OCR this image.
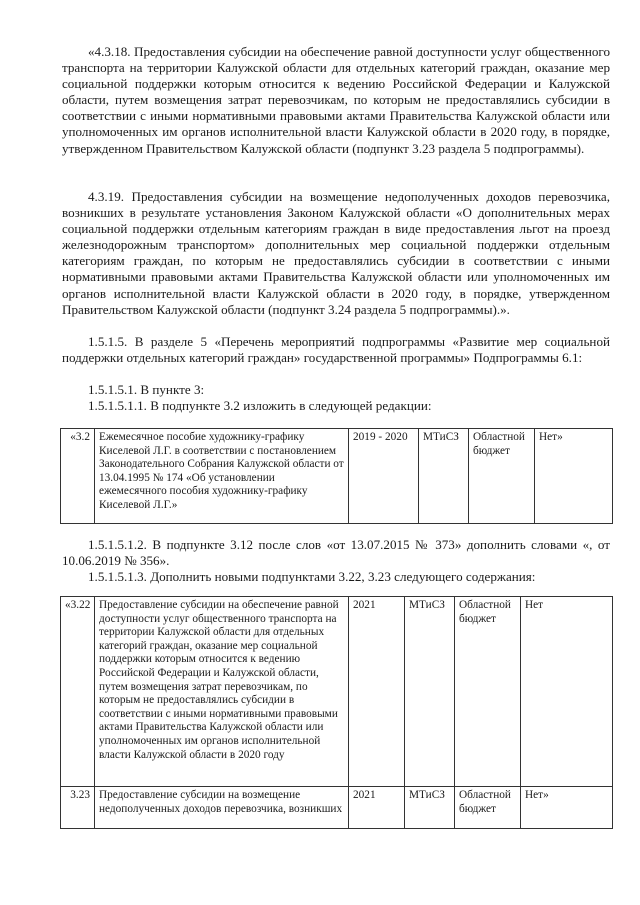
«4.3.18. Предоставления субсидии на обеспечение равной доступности услуг общественного транспорта на территории Калужской области для отдельных категорий граждан, оказание мер социальной поддержки которым относится к ведению Российской Федерации и Калужской области, путем возмещения затрат перевозчикам, по которым не предоставлялись субсидии в соответствии с иными нормативными правовыми актами Правительства Калужской области или уполномоченных им органов исполнительной власти Калужской области в 2020 году, в порядке, утвержденном Правительством Калужской области (подпункт 3.23 раздела 5 подпрограммы).

4.3.19. Предоставления субсидии на возмещение недополученных доходов перевозчика, возникших в результате установления Законом Калужской области «О дополнительных мерах социальной поддержки отдельным категориям граждан в виде предоставления льгот на проезд железнодорожным транспортом» дополнительных мер социальной поддержки отдельным категориям граждан, по которым не предоставлялись субсидии в соответствии с иными нормативными правовыми актами Правительства Калужской области или уполномоченных им органов исполнительной власти Калужской области в 2020 году, в порядке, утвержденном Правительством Калужской области (подпункт 3.24 раздела 5 подпрограммы).».

1.5.1.5. В разделе 5 «Перечень мероприятий подпрограммы «Развитие мер социальной поддержки отдельных категорий граждан» государственной программы» Подпрограммы 6.1:

1.5.1.5.1. В пункте 3:

1.5.1.5.1.1. В подпункте 3.2 изложить в следующей редакции:

«3.2	Ежемесячное пособие художнику-графику Киселевой Л.Г. в соответствии с постановлением Законодательного Собрания Калужской области от 13.04.1995 № 174 «Об установлении ежемесячного пособия художнику-графику Киселевой Л.Г.»	2019 - 2020	МТиСЗ	Областной бюджет	Нет»

1.5.1.5.1.2. В подпункте 3.12 после слов «от 13.07.2015 № 373» дополнить словами «, от 10.06.2019 № 356».

1.5.1.5.1.3. Дополнить новыми подпунктами 3.22, 3.23 следующего содержания:

«3.22	Предоставление субсидии на обеспечение равной доступности услуг общественного транспорта на территории Калужской области для отдельных категорий граждан, оказание мер социальной поддержки которым относится к ведению Российской Федерации и Калужской области, путем возмещения затрат перевозчикам, по которым не предоставлялись субсидии в соответствии с иными нормативными правовыми актами Правительства Калужской области или уполномоченных им органов исполнительной власти Калужской области в 2020 году	2021	МТиСЗ	Областной бюджет	Нет
3.23	Предоставление субсидии на возмещение недополученных доходов перевозчика, возникших	2021	МТиСЗ	Областной бюджет	Нет»
